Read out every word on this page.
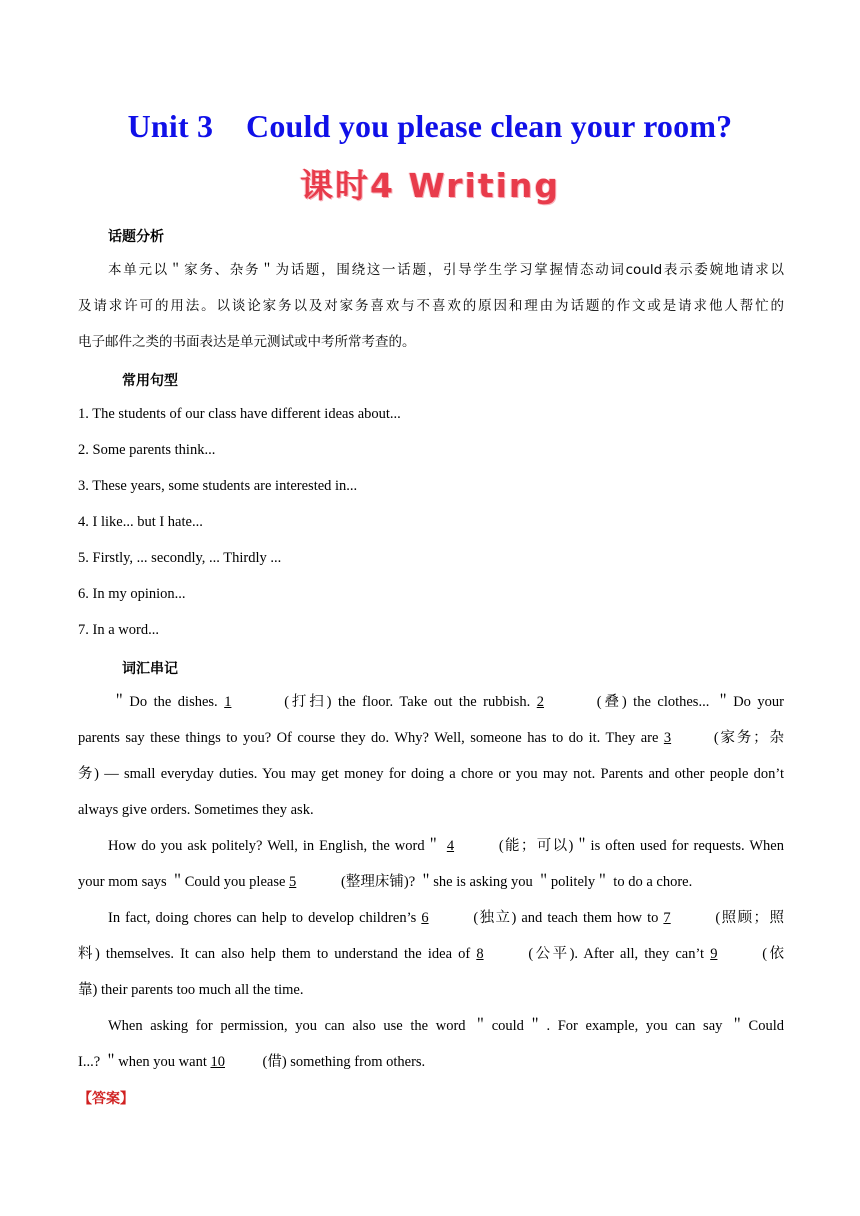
Unit 3    Could you please clean your room?
课时4 Writing
话题分析
本单元以＂家务、杂务＂为话题，围绕这一话题，引导学生学习掌握情态动词could表示委婉地请求以
及请求许可的用法。以谈论家务以及对家务喜欢与不喜欢的原因和理由为话题的作文或是请求他人帮忙的
电子邮件之类的书面表达是单元测试或中考所常考查的。
常用句型
1. The students of our class have different ideas about...
2. Some parents think...
3. These years, some students are interested in...
4. I like... but I hate...
5. Firstly, ... secondly, ... Thirdly ...
6. In my opinion...
7. In a word...
词汇串记
＂Do the dishes. 1	(打扫) the floor. Take out the rubbish. 2	(叠) the clothes... ＂Do your
parents say these things to you? Of course they do. Why? Well, someone has to do it. They are 3	(家务；杂
务) — small everyday duties. You may get money for doing a chore or you may not. Parents and other people don’t
always give orders. Sometimes they ask.
How do you ask politely? Well, in English, the word＂ 4	(能；可以)＂is often used for requests. When
your mom says ＂Could you please 5	(整理床铺)? ＂she is asking you ＂politely＂ to do a chore.
In fact, doing chores can help to develop children’s 6	(独立) and teach them how to 7	(照顾；照
料) themselves. It can also help them to understand the idea of 8	(公平). After all, they can’t 9	(依
靠) their parents too much all the time.
When asking for permission, you can also use the word ＂could＂. For example, you can say ＂Could
I...? ＂when you want 10	(借) something from others.
【答案】
